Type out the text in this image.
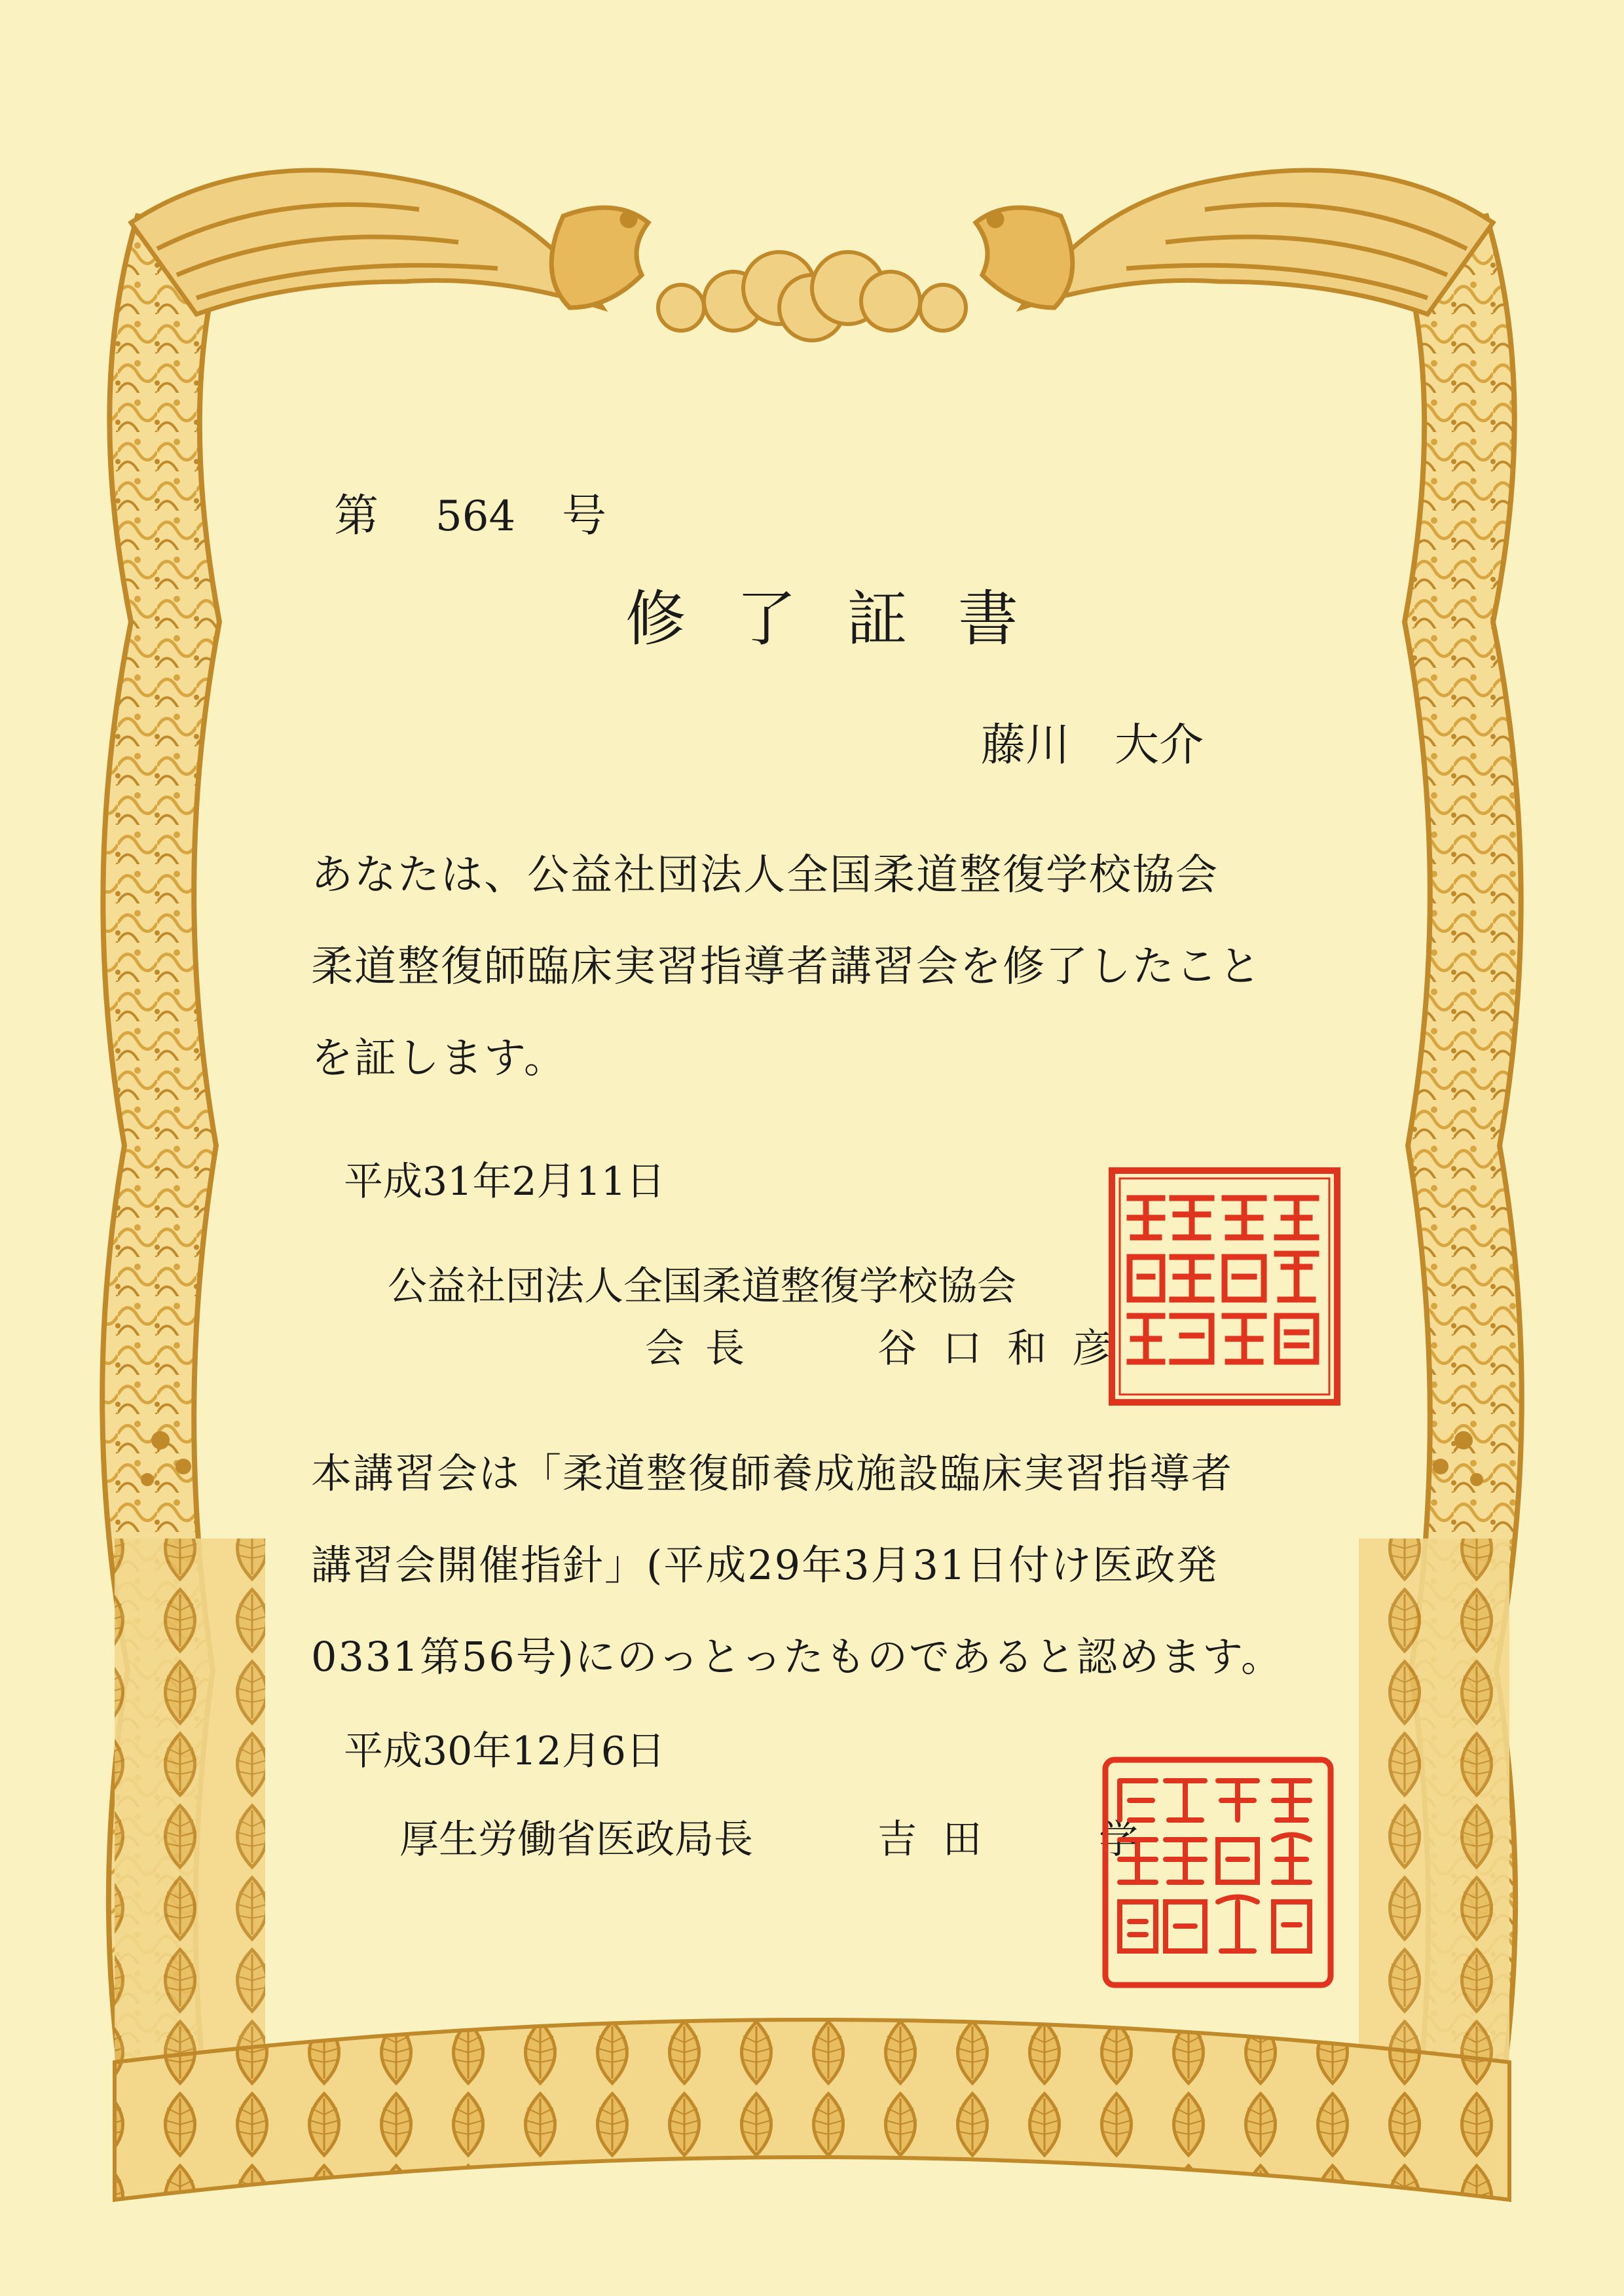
第 564 号
修 了 証 書
藤川　大介
あなたは、公益社団法人全国柔道整復学校協会
柔道整復師臨床実習指導者講習会を修了したこと
を証します。
平成31年2月11日
公益社団法人全国柔道整復学校協会
会長	谷 口 和 彦
本講習会は「柔道整復師養成施設臨床実習指導者
講習会開催指針」(平成29年3月31日付け医政発
0331第56号)にのっとったものであると認めます。
平成30年12月6日
厚生労働省医政局長	吉 田　　 学
